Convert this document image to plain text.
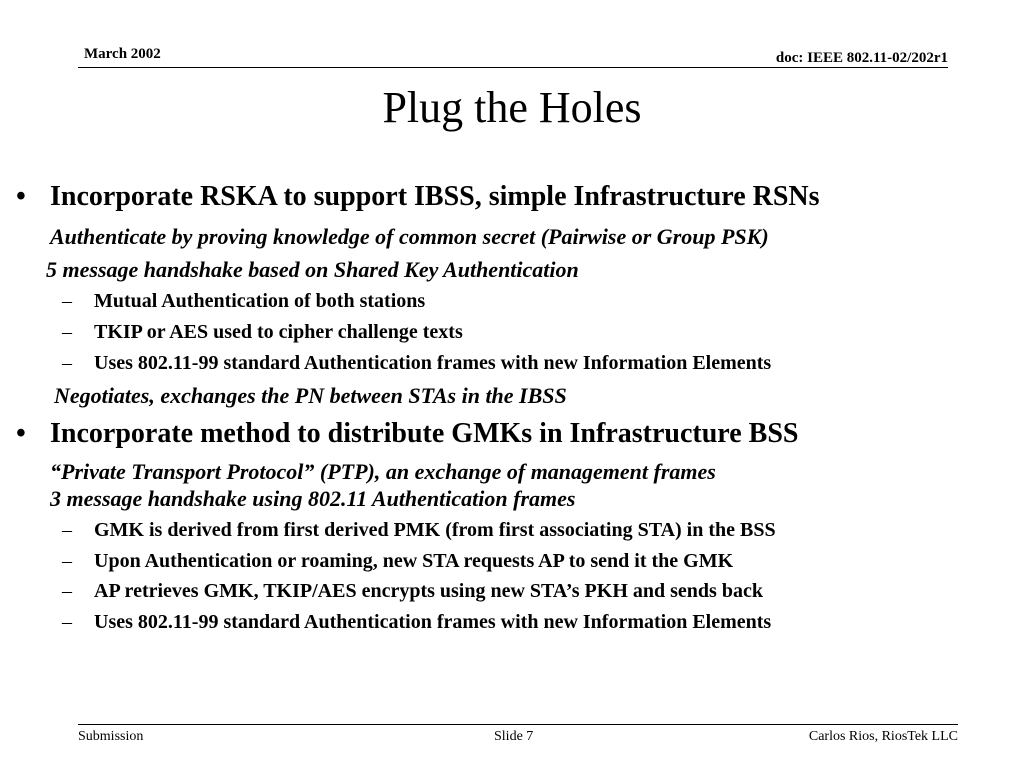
March 2002	doc: IEEE 802.11-02/202r1
Plug the Holes
• Incorporate RSKA to support IBSS, simple Infrastructure RSNs
Authenticate by proving knowledge of common secret (Pairwise or Group PSK)
5 message handshake based on Shared Key Authentication
– Mutual Authentication of both stations
– TKIP or AES used to cipher challenge texts
– Uses 802.11-99 standard Authentication frames with new Information Elements
Negotiates, exchanges the PN between STAs in the IBSS
• Incorporate method to distribute GMKs in Infrastructure BSS
“Private Transport Protocol” (PTP), an exchange of management frames
3 message handshake using 802.11 Authentication frames
– GMK is derived from first derived PMK (from first associating STA) in the BSS
– Upon Authentication or roaming, new STA requests AP to send it the GMK
– AP retrieves GMK, TKIP/AES encrypts using new STA’s PKH and sends back
– Uses 802.11-99 standard Authentication frames with new Information Elements
Submission	Slide 7	Carlos Rios, RiosTek LLC
